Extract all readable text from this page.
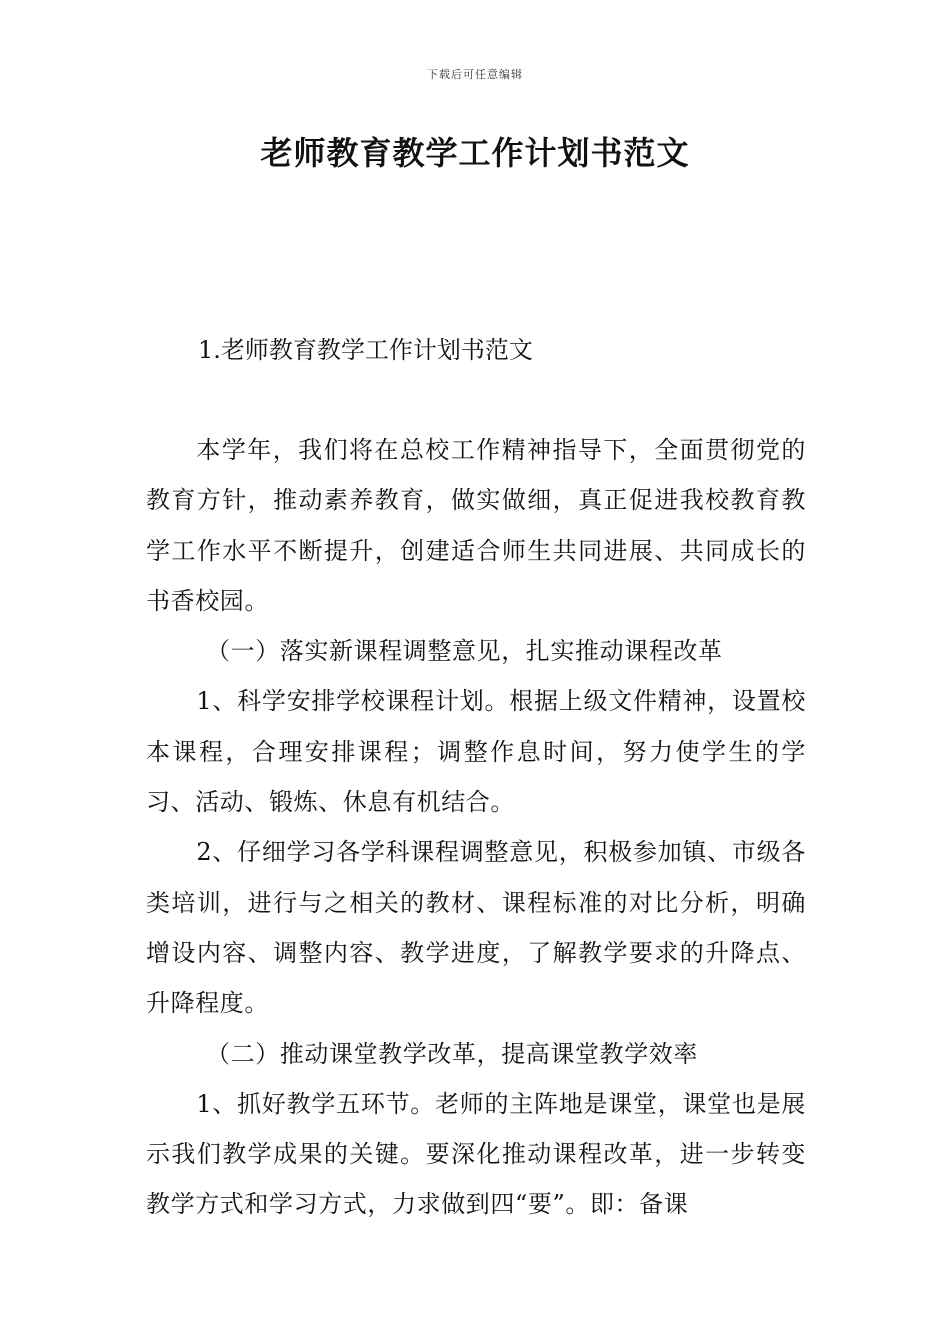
下载后可任意编辑
老师教育教学工作计划书范文

1.老师教育教学工作计划书范文

本学年，我们将在总校工作精神指导下，全面贯彻党的教育方针，推动素养教育，做实做细，真正促进我校教育教学工作水平不断提升，创建适合师生共同进展、共同成长的书香校园。

（一）落实新课程调整意见，扎实推动课程改革

1、科学安排学校课程计划。根据上级文件精神，设置校本课程，合理安排课程；调整作息时间，努力使学生的学习、活动、锻炼、休息有机结合。

2、仔细学习各学科课程调整意见，积极参加镇、市级各类培训，进行与之相关的教材、课程标准的对比分析，明确增设内容、调整内容、教学进度，了解教学要求的升降点、升降程度。

（二）推动课堂教学改革，提高课堂教学效率

1、抓好教学五环节。老师的主阵地是课堂，课堂也是展示我们教学成果的关键。要深化推动课程改革，进一步转变教学方式和学习方式，力求做到四“要”。即：备课
